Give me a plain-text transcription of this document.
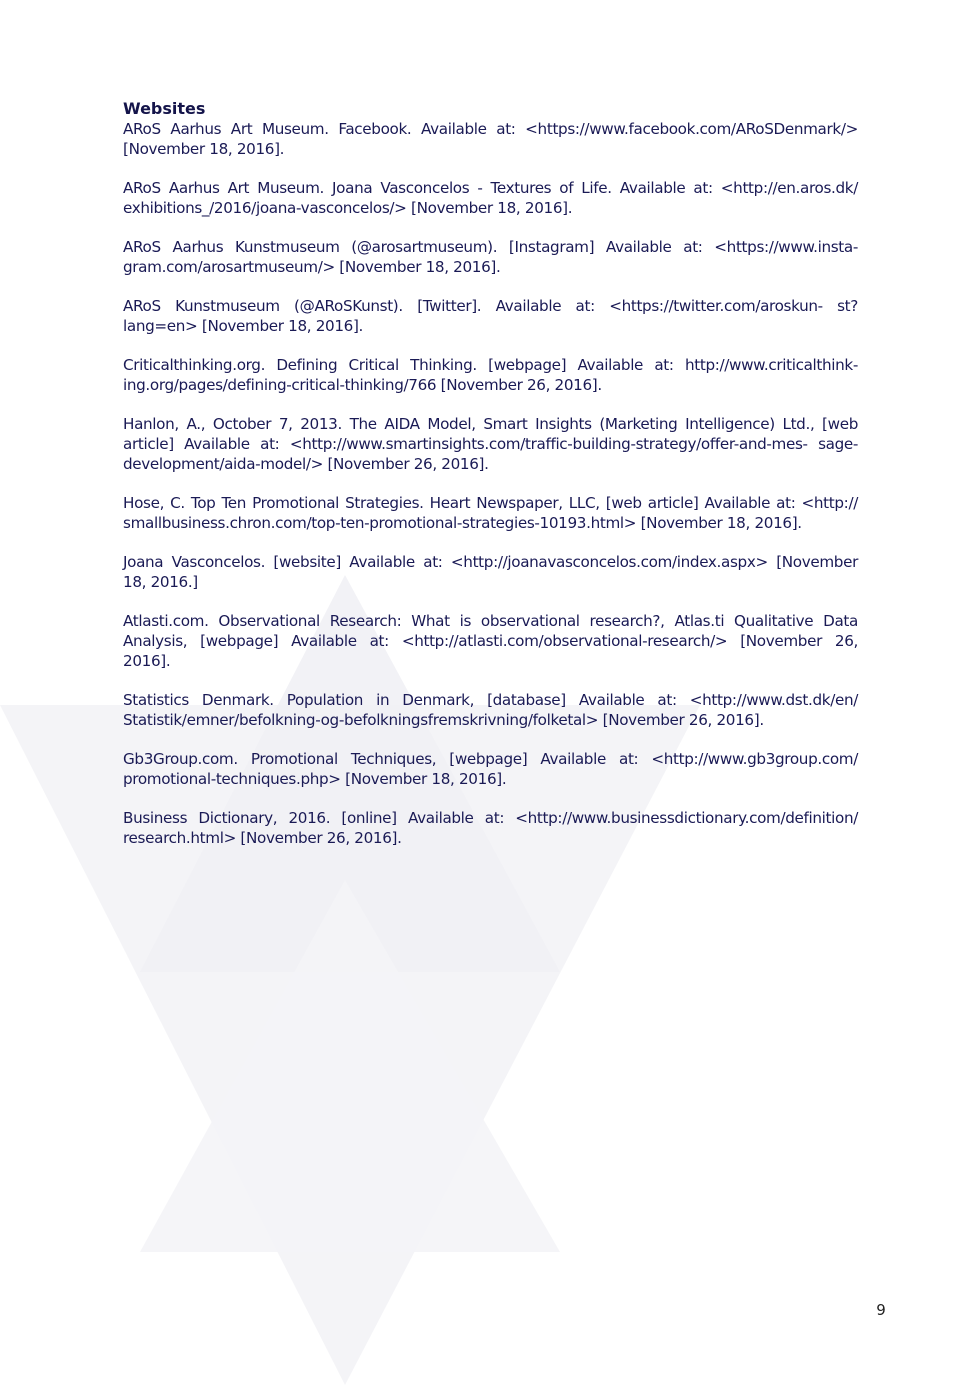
Websites

ARoS Aarhus Art Museum. Facebook. Available at: <https://www.facebook.com/ARoSDenmark/> [November 18, 2016].

ARoS Aarhus Art Museum. Joana Vasconcelos - Textures of Life. Available at: <http://en.aros.dk/ exhibitions_/2016/joana-vasconcelos/> [November 18, 2016].

ARoS Aarhus Kunstmuseum (@arosartmuseum). [Instagram] Available at: <https://www.insta- gram.com/arosartmuseum/> [November 18, 2016].

ARoS Kunstmuseum (@ARoSKunst). [Twitter]. Available at: <https://twitter.com/aroskun- st?lang=en> [November 18, 2016].

Criticalthinking.org. Defining Critical Thinking. [webpage] Available at: http://www.criticalthink- ing.org/pages/defining-critical-thinking/766 [November 26, 2016].

Hanlon, A., October 7, 2013. The AIDA Model, Smart Insights (Marketing Intelligence) Ltd., [web article] Available at: <http://www.smartinsights.com/traffic-building-strategy/offer-and-mes- sage-development/aida-model/> [November 26, 2016].

Hose, C. Top Ten Promotional Strategies. Heart Newspaper, LLC, [web article] Available at: <http:// smallbusiness.chron.com/top-ten-promotional-strategies-10193.html> [November 18, 2016].

Joana Vasconcelos. [website] Available at: <http://joanavasconcelos.com/index.aspx> [November 18, 2016.]

Atlasti.com. Observational Research: What is observational research?, Atlas.ti Qualitative Data Analysis, [webpage] Available at: <http://atlasti.com/observational-research/> [November 26, 2016].

Statistics Denmark. Population in Denmark, [database] Available at: <http://www.dst.dk/en/ Statistik/emner/befolkning-og-befolkningsfremskrivning/folketal> [November 26, 2016].

Gb3Group.com. Promotional Techniques, [webpage] Available at: <http://www.gb3group.com/ promotional-techniques.php> [November 18, 2016].

Business Dictionary, 2016. [online] Available at: <http://www.businessdictionary.com/definition/ research.html> [November 26, 2016].

9
